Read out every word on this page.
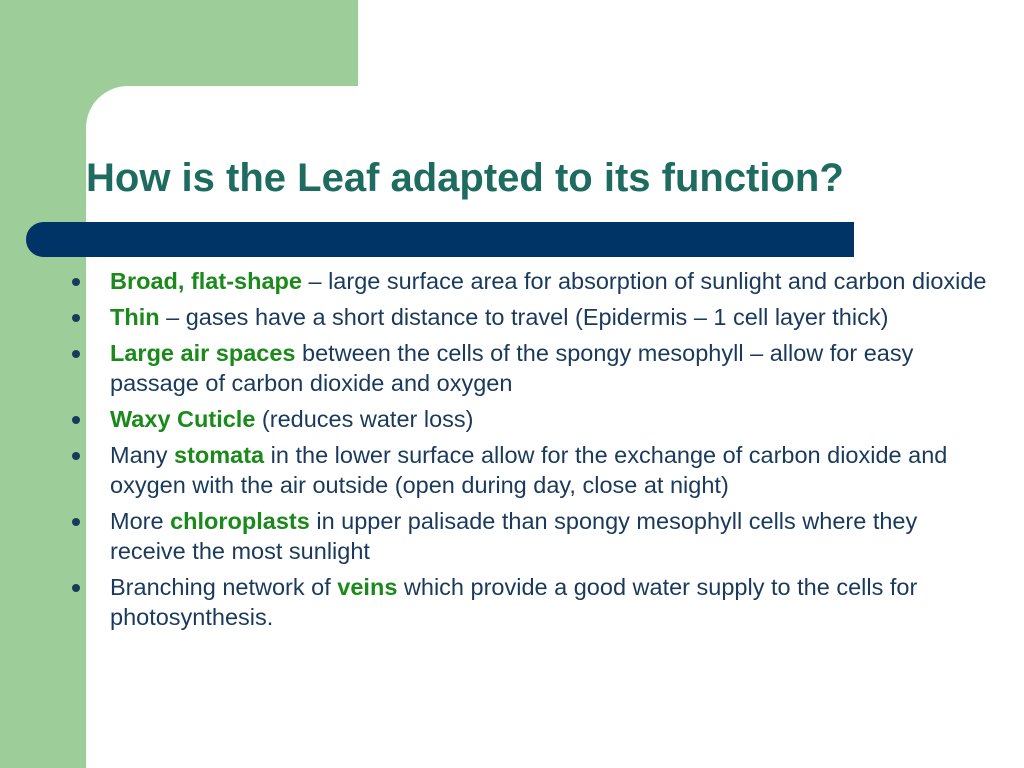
How is the Leaf adapted to its function?
Broad, flat-shape – large surface area for absorption of sunlight and carbon dioxide
Thin – gases have a short distance to travel (Epidermis – 1 cell layer thick)
Large air spaces between the cells of the spongy mesophyll – allow for easy passage of carbon dioxide and oxygen
Waxy Cuticle (reduces water loss)
Many stomata in the lower surface allow for the exchange of carbon dioxide and oxygen with the air outside (open during day, close at night)
More chloroplasts in upper palisade than spongy mesophyll cells where they receive the most sunlight
Branching network of veins which provide a good water supply to the cells for photosynthesis.
